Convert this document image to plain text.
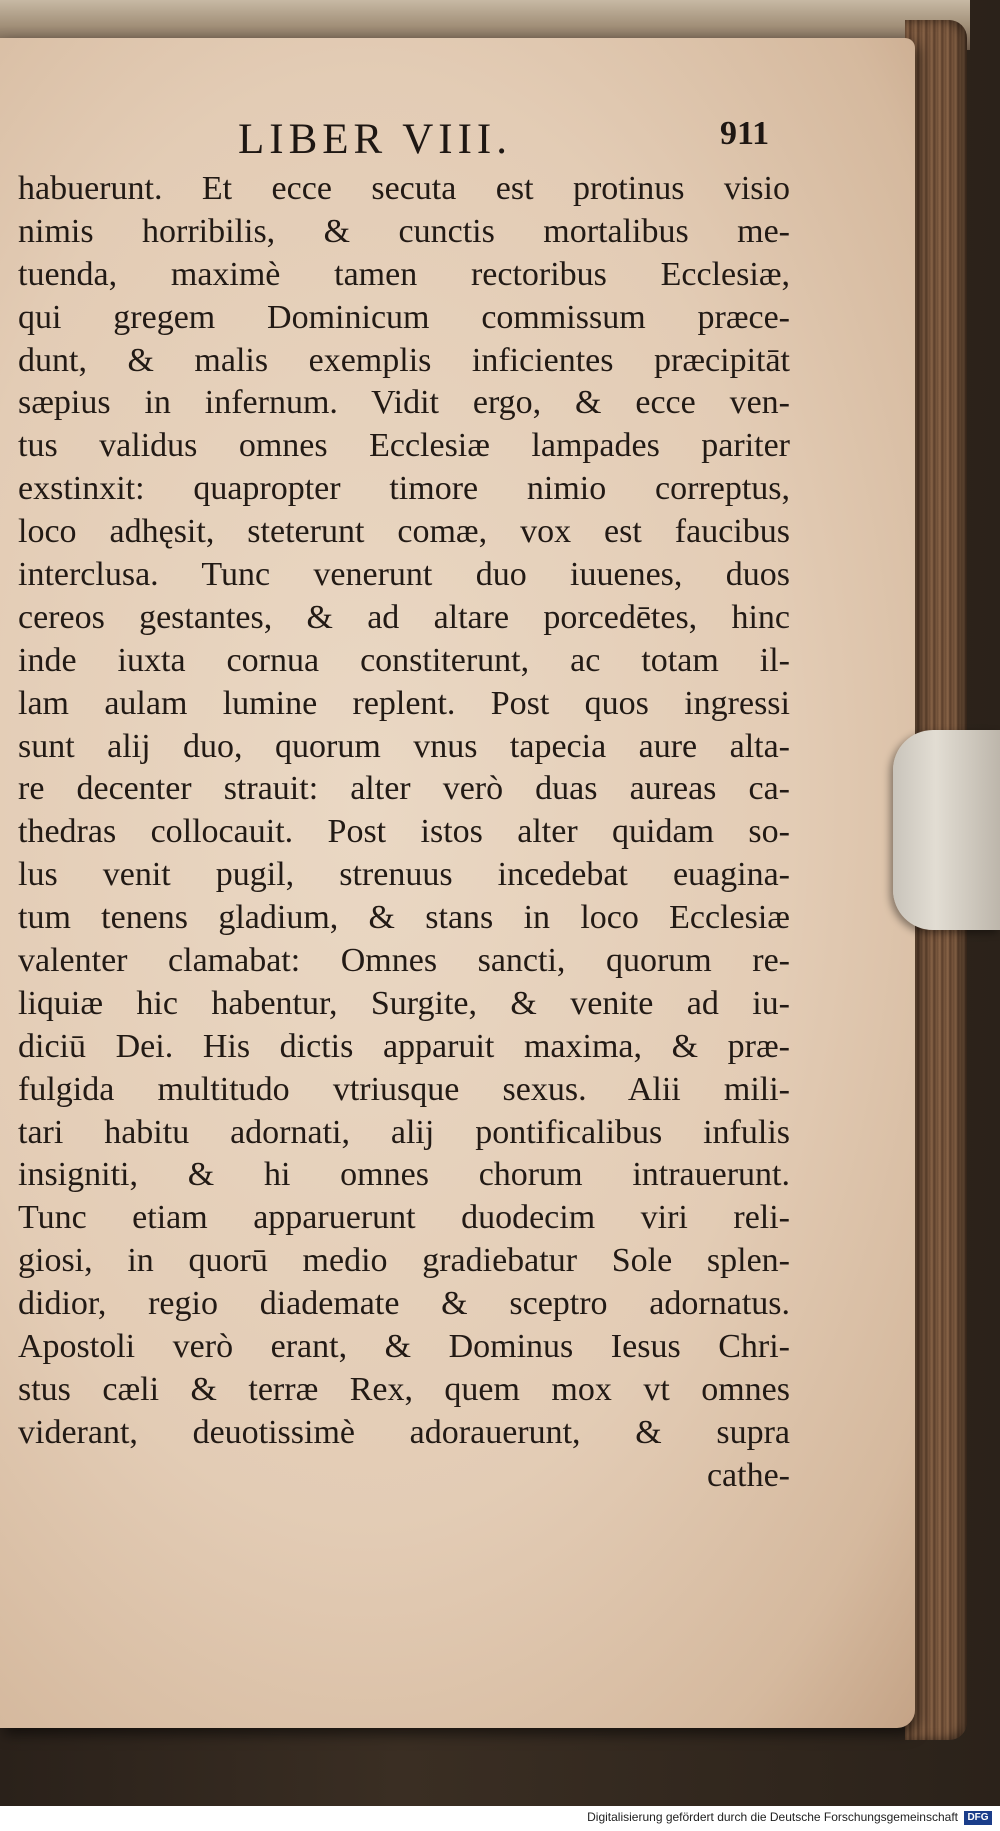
LIBER VIII.	911
habuerunt. Et ecce secuta est protinus visio
nimis horribilis, & cunctis mortalibus me-
tuenda, maximè tamen rectoribus Ecclesiæ,
qui gregem Dominicum commissum præce-
dunt, & malis exemplis inficientes præcipitāt
sæpius in infernum. Vidit ergo, & ecce ven-
tus validus omnes Ecclesiæ lampades pariter
exstinxit: quapropter timore nimio correptus,
loco adhęsit, steterunt comæ, vox est faucibus
interclusa. Tunc venerunt duo iuuenes, duos
cereos gestantes, & ad altare porcedētes, hinc
inde iuxta cornua constiterunt, ac totam il-
lam aulam lumine replent. Post quos ingressi
sunt alij duo, quorum vnus tapecia aure alta-
re decenter strauit: alter verò duas aureas ca-
thedras collocauit. Post istos alter quidam so-
lus venit pugil, strenuus incedebat euagina-
tum tenens gladium, & stans in loco Ecclesiæ
valenter clamabat: Omnes sancti, quorum re-
liquiæ hic habentur, Surgite, & venite ad iu-
diciū Dei. His dictis apparuit maxima, & præ-
fulgida multitudo vtriusque sexus. Alii mili-
tari habitu adornati, alij pontificalibus infulis
insigniti, & hi omnes chorum intrauerunt.
Tunc etiam apparuerunt duodecim viri reli-
giosi, in quorū medio gradiebatur Sole splen-
didior, regio diademate & sceptro adornatus.
Apostoli verò erant, & Dominus Iesus Chri-
stus cæli & terræ Rex, quem mox vt omnes
viderant, deuotissimè adorauerunt, & supra
cathe-
Digitalisierung gefördert durch die Deutsche Forschungsgemeinschaft DFG
